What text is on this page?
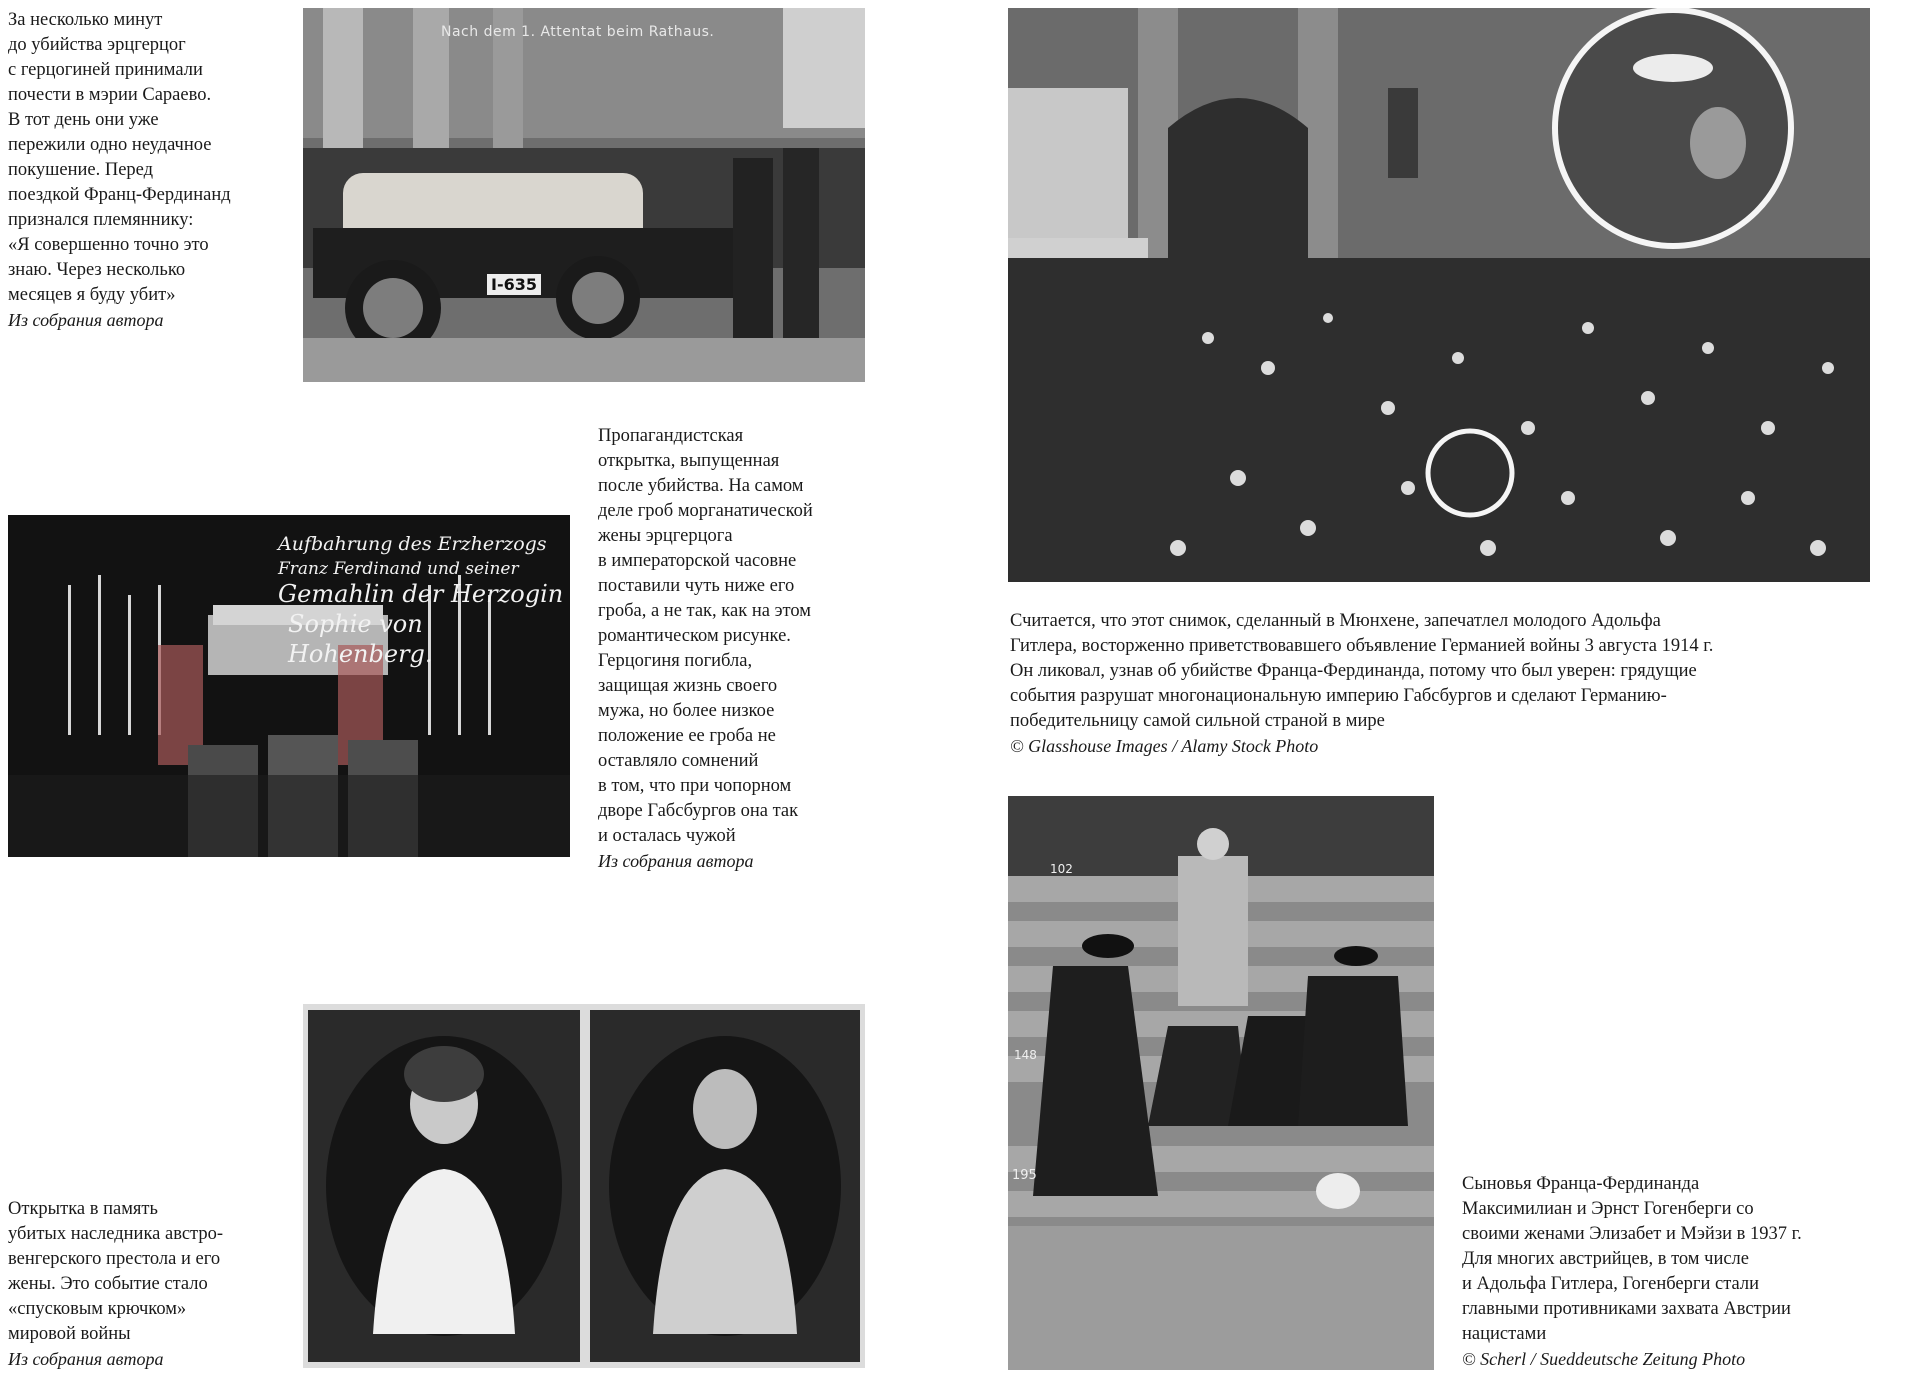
Nach dem 1. Attentat beim Rathaus.
I-635

За несколько минут

до убийства эрцгерцог

с герцогиней принимали

почести в мэрии Сараево.

В тот день они уже

пережили одно неудачное

покушение. Перед

поездкой Франц-Фердинанд

признался племяннику:

«Я совершенно точно это

знаю. Через несколько

месяцев я буду убит»

Из собрания автора

Aufbahrung des Erzherzogs
Franz Ferdinand und seiner
Gemahlin der Herzogin
Sophie von Hohenberg.

Пропагандистская

открытка, выпущенная

после убийства. На самом

деле гроб морганатической

жены эрцгерцога

в императорской часовне

поставили чуть ниже его

гроба, а не так, как на этом

романтическом рисунке.

Герцогиня погибла,

защищая жизнь своего

мужа, но более низкое

положение ее гроба не

оставляло сомнений

в том, что при чопорном

дворе Габсбургов она так

и осталась чужой

Из собрания автора

Открытка в память

убитых наследника австро-

венгерского престола и его

жены. Это событие стало

«спусковым крючком»

мировой войны

Из собрания автора

Считается, что этот снимок, сделанный в Мюнхене, запечатлел молодого Адольфа

Гитлера, восторженно приветствовавшего объявление Германией войны 3 августа 1914 г.

Он ликовал, узнав об убийстве Франца-Фердинанда, потому что был уверен: грядущие

события разрушат многонациональную империю Габсбургов и сделают Германию-

победительницу самой сильной страной в мире

© Glasshouse Images / Alamy Stock Photo

102
148
195	Сыновья Франца-Фердинанда

Максимилиан и Эрнст Гогенберги со

своими женами Элизабет и Мэйзи в 1937 г.

Для многих австрийцев, в том числе

и Адольфа Гитлера, Гогенберги стали

главными противниками захвата Австрии

нацистами

© Scherl / Sueddeutsche Zeitung Photo
